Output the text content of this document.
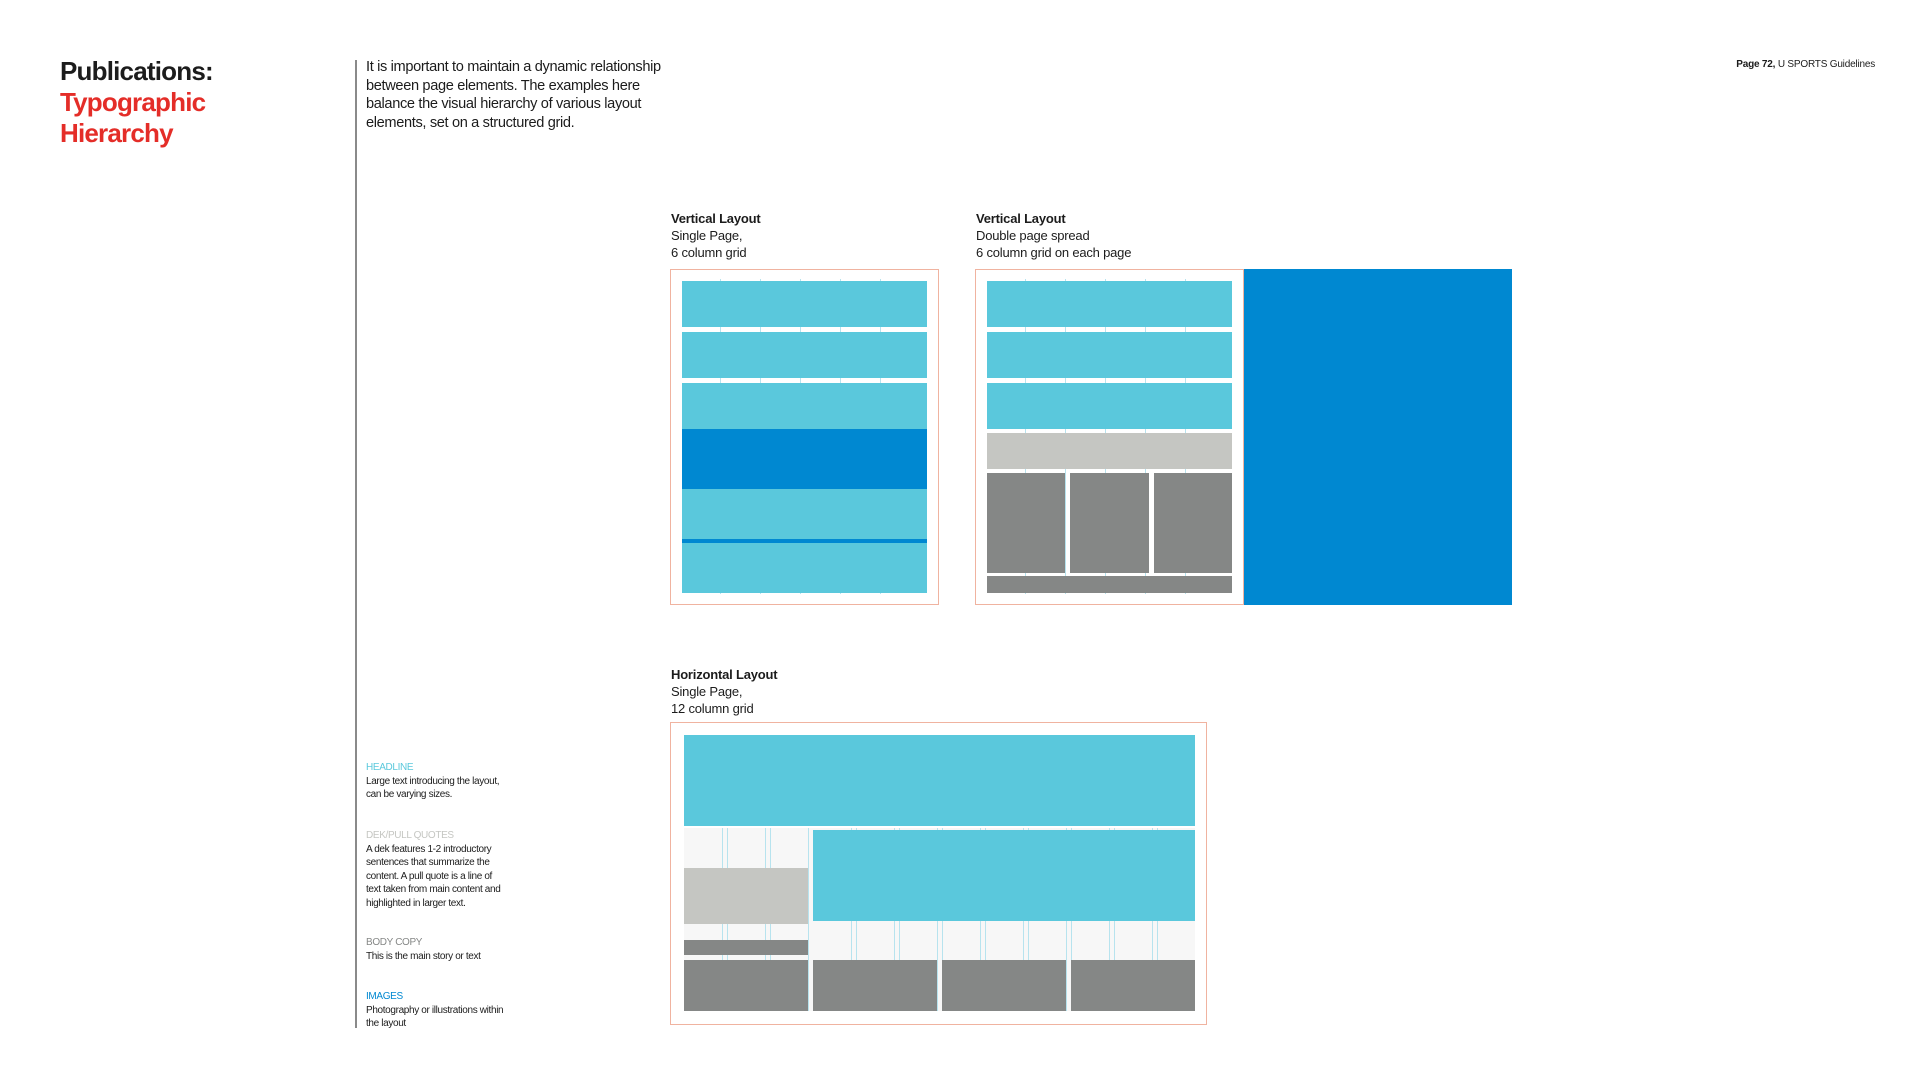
Publications:
Typographic
Hierarchy
It is important to maintain a dynamic relationship between page elements. The examples here balance the visual hierarchy of various layout elements, set on a structured grid.
Page 72, U SPORTS Guidelines
Vertical Layout
Single Page,
6 column grid
Vertical Layout
Double page spread
6 column grid on each page
Horizontal Layout
Single Page,
12 column grid
HEADLINE
Large text introducing the layout, can be varying sizes.
DEK/PULL QUOTES
A dek features 1-2 introductory sentences that summarize the content. A pull quote is a line of text taken from main content and highlighted in larger text.
BODY COPY
This is the main story or text
IMAGES
Photography or illustrations within the layout
